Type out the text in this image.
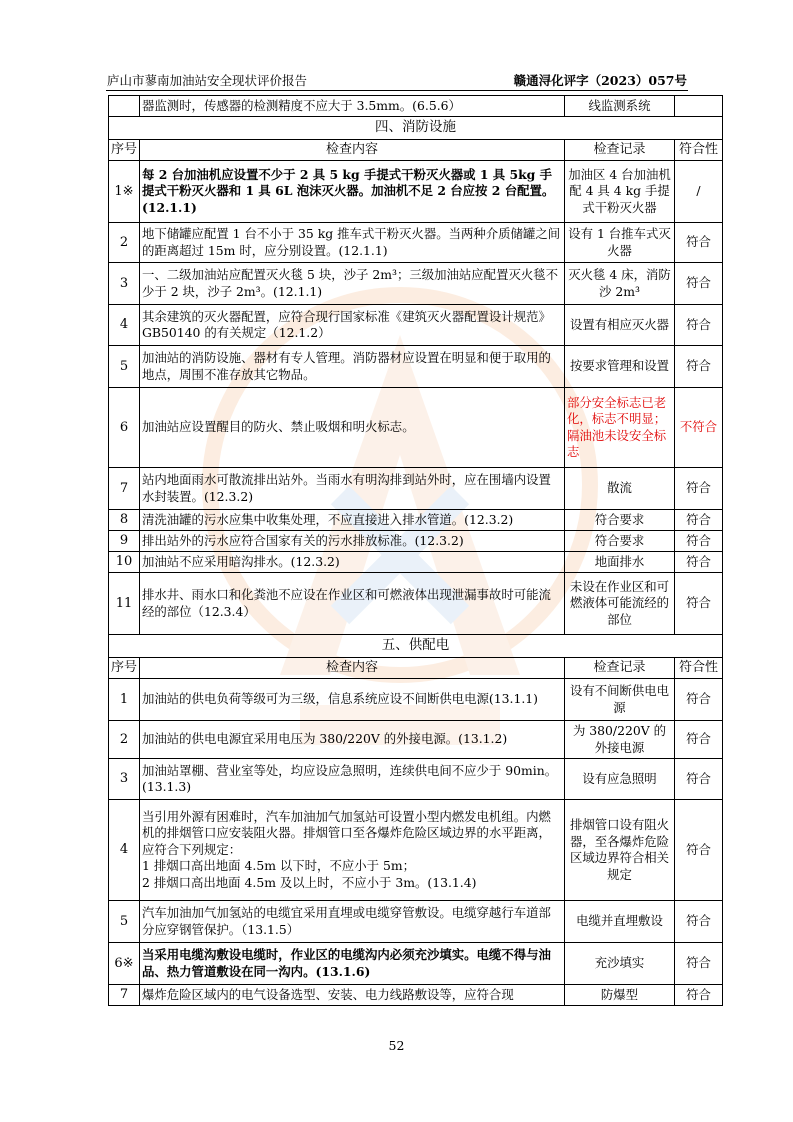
庐山市蓼南加油站安全现状评价报告	赣通浔化评字（2023）057号
	器监测时，传感器的检测精度不应大于 3.5mm。(6.5.6）	线监测系统	
四、消防设施			
序号	检查内容	检查记录	符合性
1※	每 2 台加油机应设置不少于 2 具 5 kg 手提式干粉灭火器或 1 具 5kg 手提式干粉灭火器和 1 具 6L 泡沫灭火器。加油机不足 2 台应按 2 台配置。(12.1.1)	加油区 4 台加油机配 4 具 4 kg 手提式干粉灭火器	/
2	地下储罐应配置 1 台不小于 35 kg 推车式干粉灭火器。当两种介质储罐之间的距离超过 15m 时，应分别设置。(12.1.1)	设有 1 台推车式灭火器	符合
3	一、二级加油站应配置灭火毯 5 块，沙子 2m³；三级加油站应配置灭火毯不少于 2 块，沙子 2m³。(12.1.1)	灭火毯 4 床，消防沙 2m³	符合
4	其余建筑的灭火器配置，应符合现行国家标准《建筑灭火器配置设计规范》GB50140 的有关规定（12.1.2）	设置有相应灭火器	符合
5	加油站的消防设施、器材有专人管理。消防器材应设置在明显和便于取用的地点，周围不准存放其它物品。	按要求管理和设置	符合
6	加油站应设置醒目的防火、禁止吸烟和明火标志。	部分安全标志已老化，标志不明显；隔油池未设安全标志	不符合
7	站内地面雨水可散流排出站外。当雨水有明沟排到站外时，应在围墙内设置水封装置。(12.3.2)	散流	符合
8	清洗油罐的污水应集中收集处理，不应直接进入排水管道。(12.3.2)	符合要求	符合
9	排出站外的污水应符合国家有关的污水排放标准。(12.3.2)	符合要求	符合
10	加油站不应采用暗沟排水。(12.3.2)	地面排水	符合
11	排水井、雨水口和化粪池不应设在作业区和可燃液体出现泄漏事故时可能流经的部位（12.3.4）	未设在作业区和可燃液体可能流经的部位	符合
五、供配电			
序号	检查内容	检查记录	符合性
1	加油站的供电负荷等级可为三级，信息系统应设不间断供电电源(13.1.1)	设有不间断供电电源	符合
2	加油站的供电电源宜采用电压为 380/220V 的外接电源。(13.1.2)	为 380/220V 的外接电源	符合
3	加油站罩棚、营业室等处，均应设应急照明，连续供电间不应少于 90min。(13.1.3)	设有应急照明	符合
4	当引用外源有困难时，汽车加油加气加氢站可设置小型内燃发电机组。内燃机的排烟管口应安装阻火器。排烟管口至各爆炸危险区域边界的水平距离，应符合下列规定：
1 排烟口高出地面 4.5m 以下时，不应小于 5m；
2 排烟口高出地面 4.5m 及以上时，不应小于 3m。(13.1.4)	排烟管口设有阻火器，至各爆炸危险区域边界符合相关规定	符合
5	汽车加油加气加氢站的电缆宜采用直埋或电缆穿管敷设。电缆穿越行车道部分应穿钢管保护。（13.1.5）	电缆并直埋敷设	符合
6※	当采用电缆沟敷设电缆时，作业区的电缆沟内必须充沙填实。电缆不得与油品、热力管道敷设在同一沟内。(13.1.6)	充沙填实	符合
7	爆炸危险区域内的电气设备选型、安装、电力线路敷设等，应符合现	防爆型	符合
52
